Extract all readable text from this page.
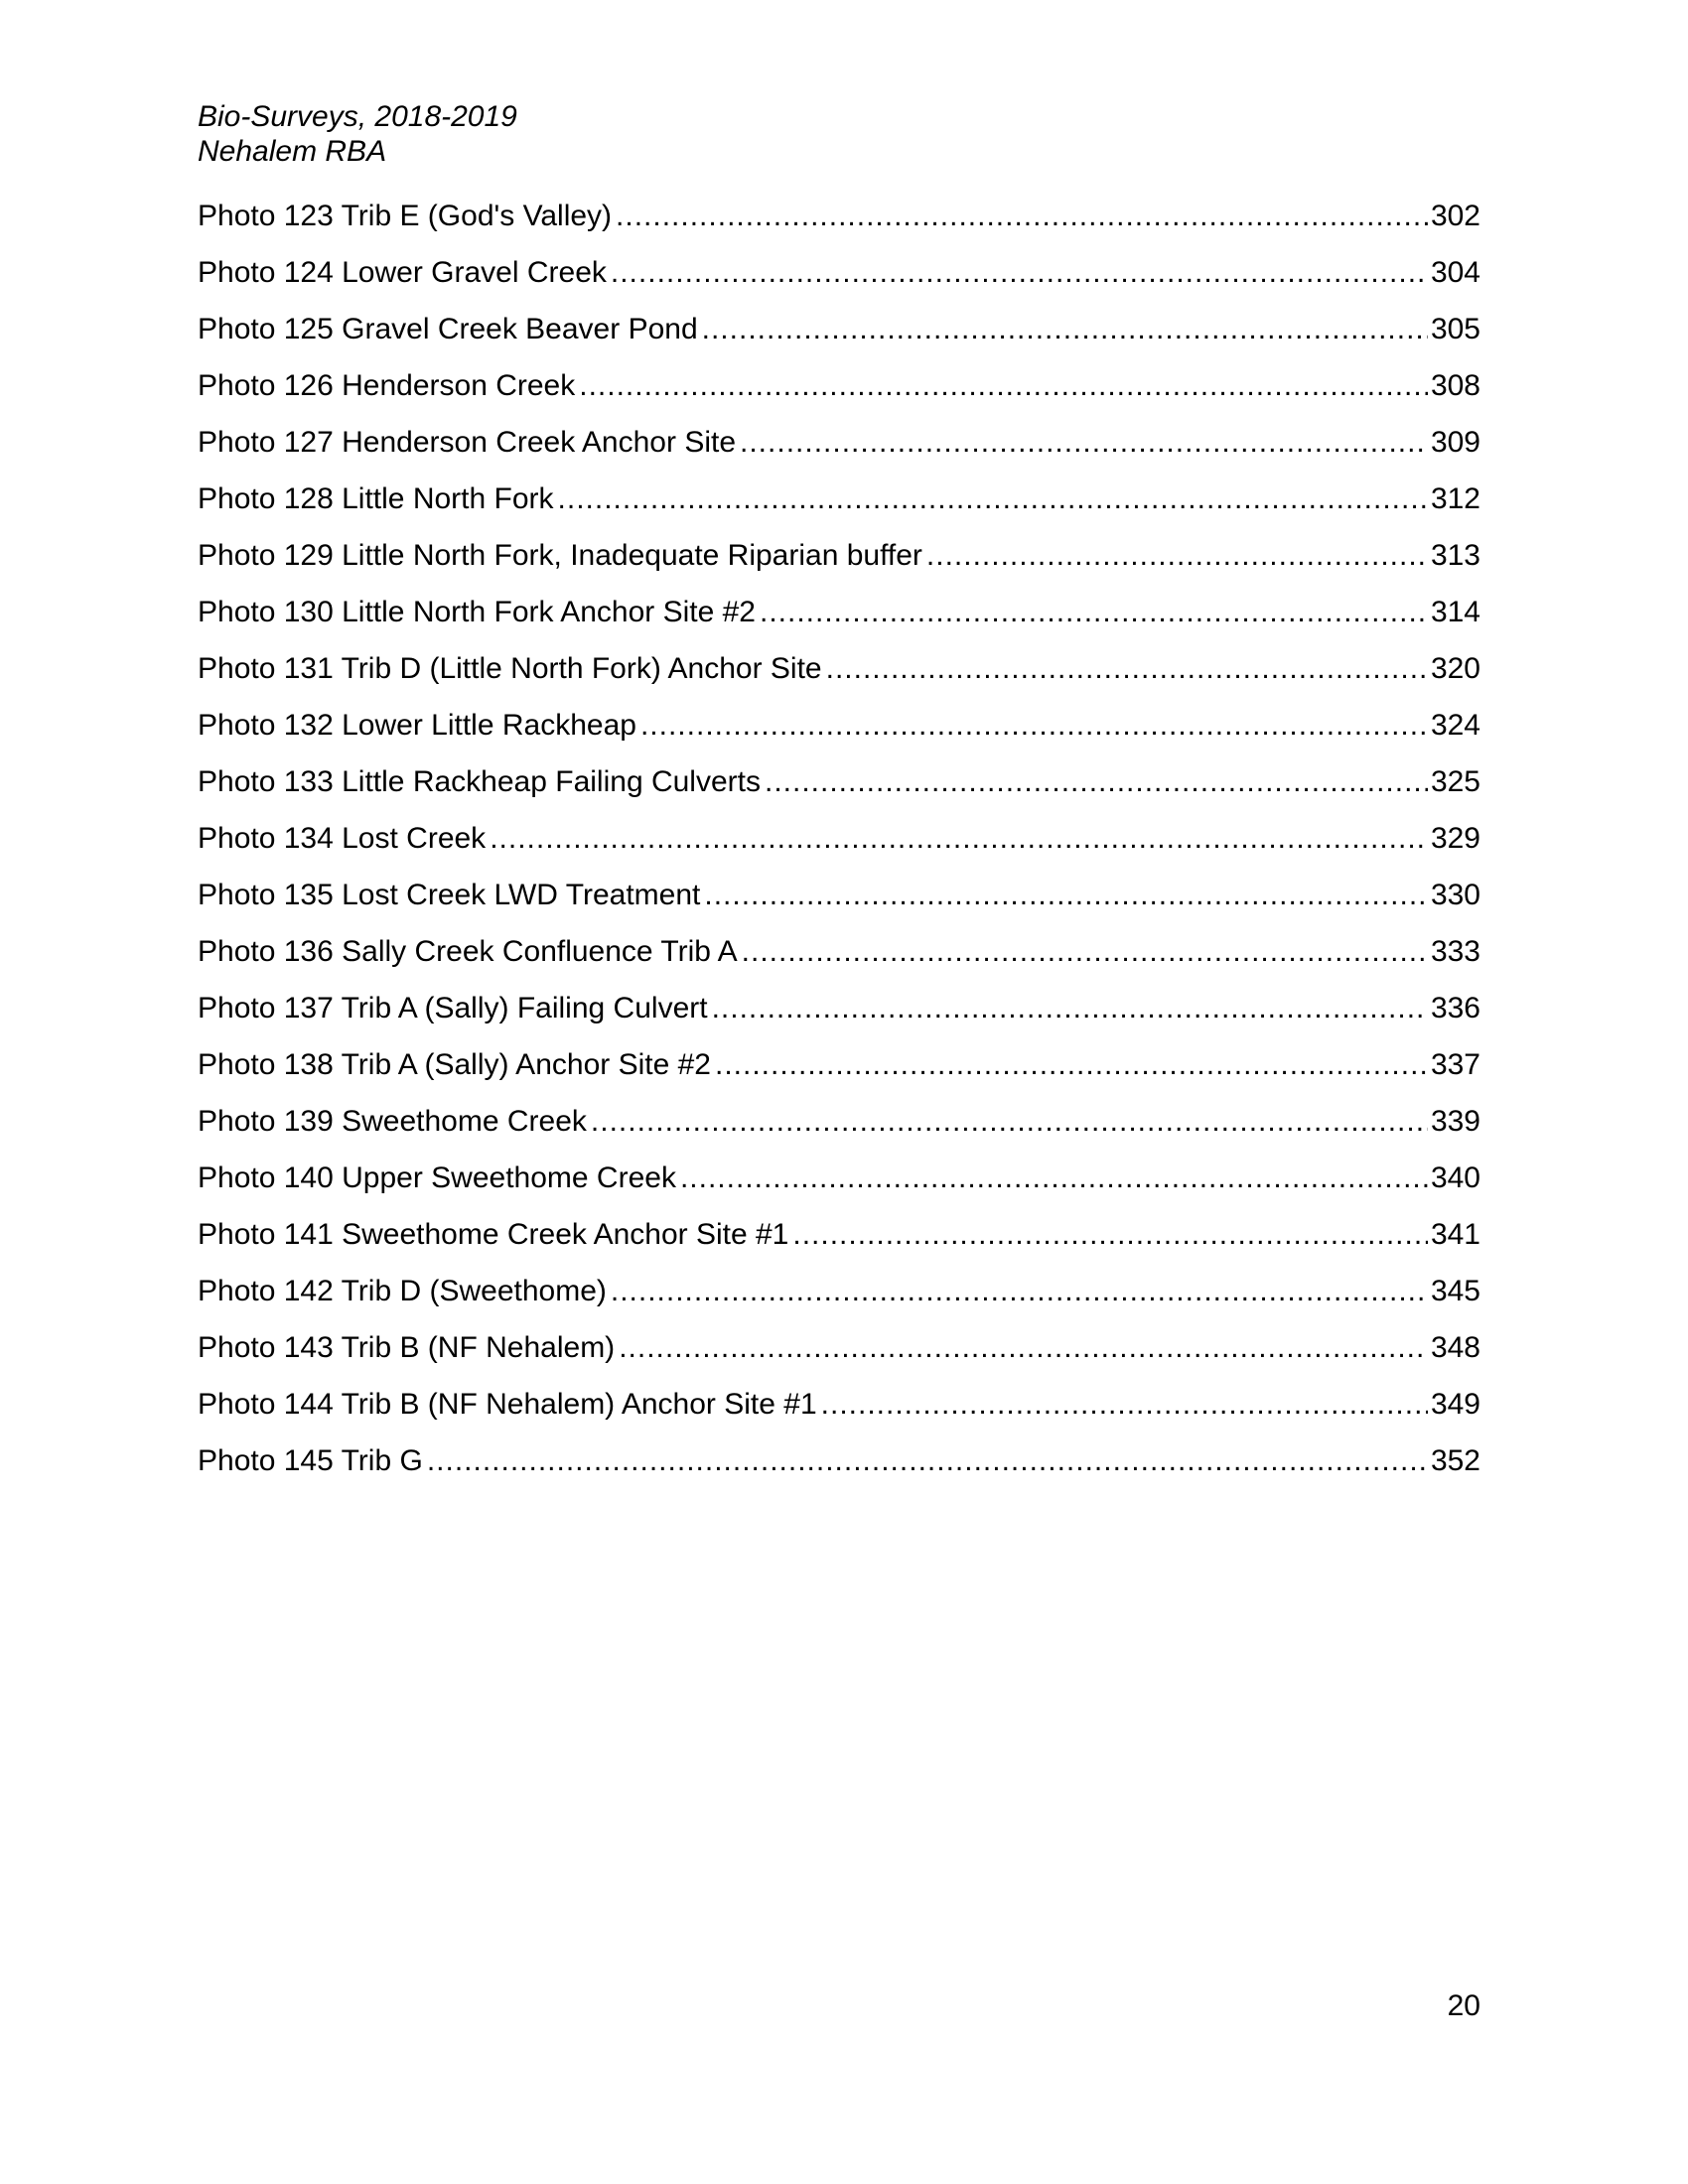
Bio-Surveys, 2018-2019
Nehalem RBA
Photo 123 Trib E (God's Valley) .....	302
Photo 124 Lower Gravel Creek .....	304
Photo 125 Gravel Creek Beaver Pond .....	305
Photo 126 Henderson Creek .....	308
Photo 127 Henderson Creek Anchor Site .....	309
Photo 128 Little North Fork .....	312
Photo 129 Little North Fork, Inadequate Riparian buffer .....	313
Photo 130 Little North Fork Anchor Site #2 .....	314
Photo 131 Trib D (Little North Fork) Anchor Site .....	320
Photo 132 Lower Little Rackheap .....	324
Photo 133 Little Rackheap Failing Culverts .....	325
Photo 134 Lost Creek .....	329
Photo 135 Lost Creek LWD Treatment .....	330
Photo 136 Sally Creek Confluence Trib A .....	333
Photo 137 Trib A (Sally) Failing Culvert .....	336
Photo 138 Trib A (Sally) Anchor Site #2 .....	337
Photo 139 Sweethome Creek .....	339
Photo 140 Upper Sweethome Creek .....	340
Photo 141 Sweethome Creek Anchor Site #1 .....	341
Photo 142 Trib D (Sweethome) .....	345
Photo 143 Trib B (NF Nehalem) .....	348
Photo 144 Trib B (NF Nehalem) Anchor Site #1 .....	349
Photo 145 Trib G .....	352
20
